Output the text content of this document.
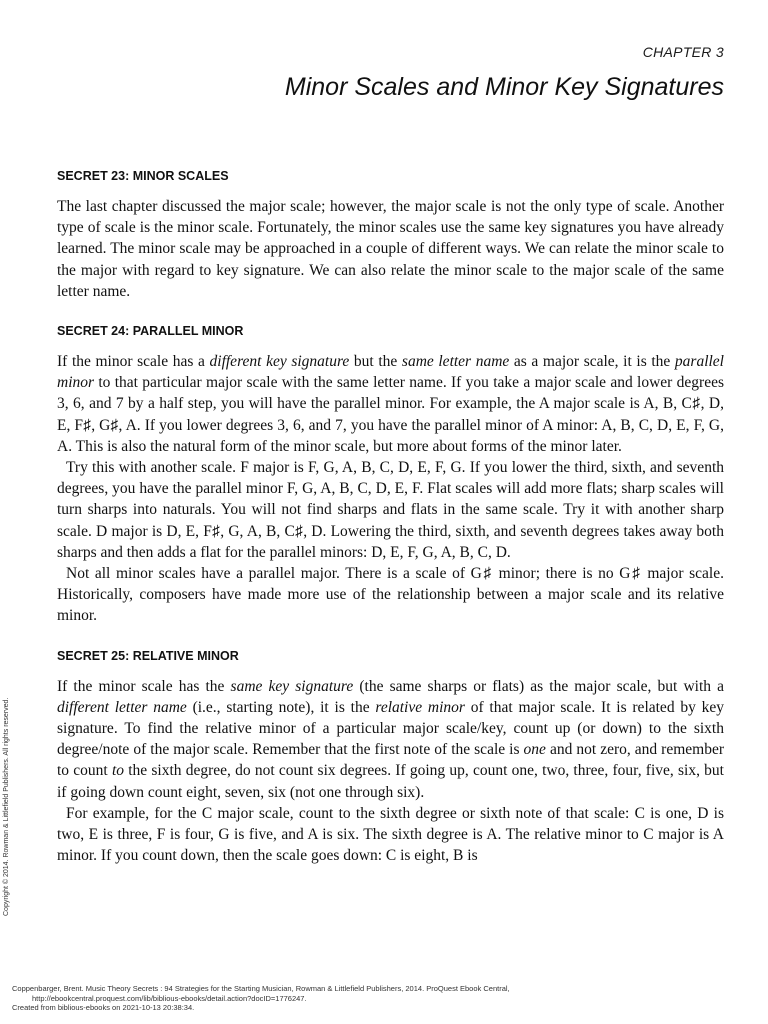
CHAPTER 3
Minor Scales and Minor Key Signatures
SECRET 23: MINOR SCALES

The last chapter discussed the major scale; however, the major scale is not the only type of scale. Another type of scale is the minor scale. Fortunately, the minor scales use the same key signatures you have already learned. The minor scale may be approached in a couple of different ways. We can relate the minor scale to the major with regard to key signature. We can also relate the minor scale to the major scale of the same letter name.

SECRET 24: PARALLEL MINOR

If the minor scale has a different key signature but the same letter name as a major scale, it is the parallel minor to that particular major scale with the same letter name. If you take a major scale and lower degrees 3, 6, and 7 by a half step, you will have the parallel minor. For example, the A major scale is A, B, C♯, D, E, F♯, G♯, A. If you lower degrees 3, 6, and 7, you have the parallel minor of A minor: A, B, C, D, E, F, G, A. This is also the natural form of the minor scale, but more about forms of the minor later.

Try this with another scale. F major is F, G, A, B, C, D, E, F, G. If you lower the third, sixth, and seventh degrees, you have the parallel minor F, G, A, B, C, D, E, F. Flat scales will add more flats; sharp scales will turn sharps into naturals. You will not find sharps and flats in the same scale. Try it with another sharp scale. D major is D, E, F♯, G, A, B, C♯, D. Lowering the third, sixth, and seventh degrees takes away both sharps and then adds a flat for the parallel minors: D, E, F, G, A, B, C, D.

Not all minor scales have a parallel major. There is a scale of G♯ minor; there is no G♯ major scale. Historically, composers have made more use of the relationship between a major scale and its relative minor.

SECRET 25: RELATIVE MINOR

If the minor scale has the same key signature (the same sharps or flats) as the major scale, but with a different letter name (i.e., starting note), it is the relative minor of that major scale. It is related by key signature. To find the relative minor of a particular major scale/key, count up (or down) to the sixth degree/note of the major scale. Remember that the first note of the scale is one and not zero, and remember to count to the sixth degree, do not count six degrees. If going up, count one, two, three, four, five, six, but if going down count eight, seven, six (not one through six).

For example, for the C major scale, count to the sixth degree or sixth note of that scale: C is one, D is two, E is three, F is four, G is five, and A is six. The sixth degree is A. The relative minor to C major is A minor. If you count down, then the scale goes down: C is eight, B is

Copyright © 2014. Rowman & Littlefield Publishers. All rights reserved.
Coppenbarger, Brent. Music Theory Secrets : 94 Strategies for the Starting Musician, Rowman & Littlefield Publishers, 2014. ProQuest Ebook Central,
http://ebookcentral.proquest.com/lib/biblious-ebooks/detail.action?docID=1776247.
Created from biblious-ebooks on 2021-10-13 20:38:34.
